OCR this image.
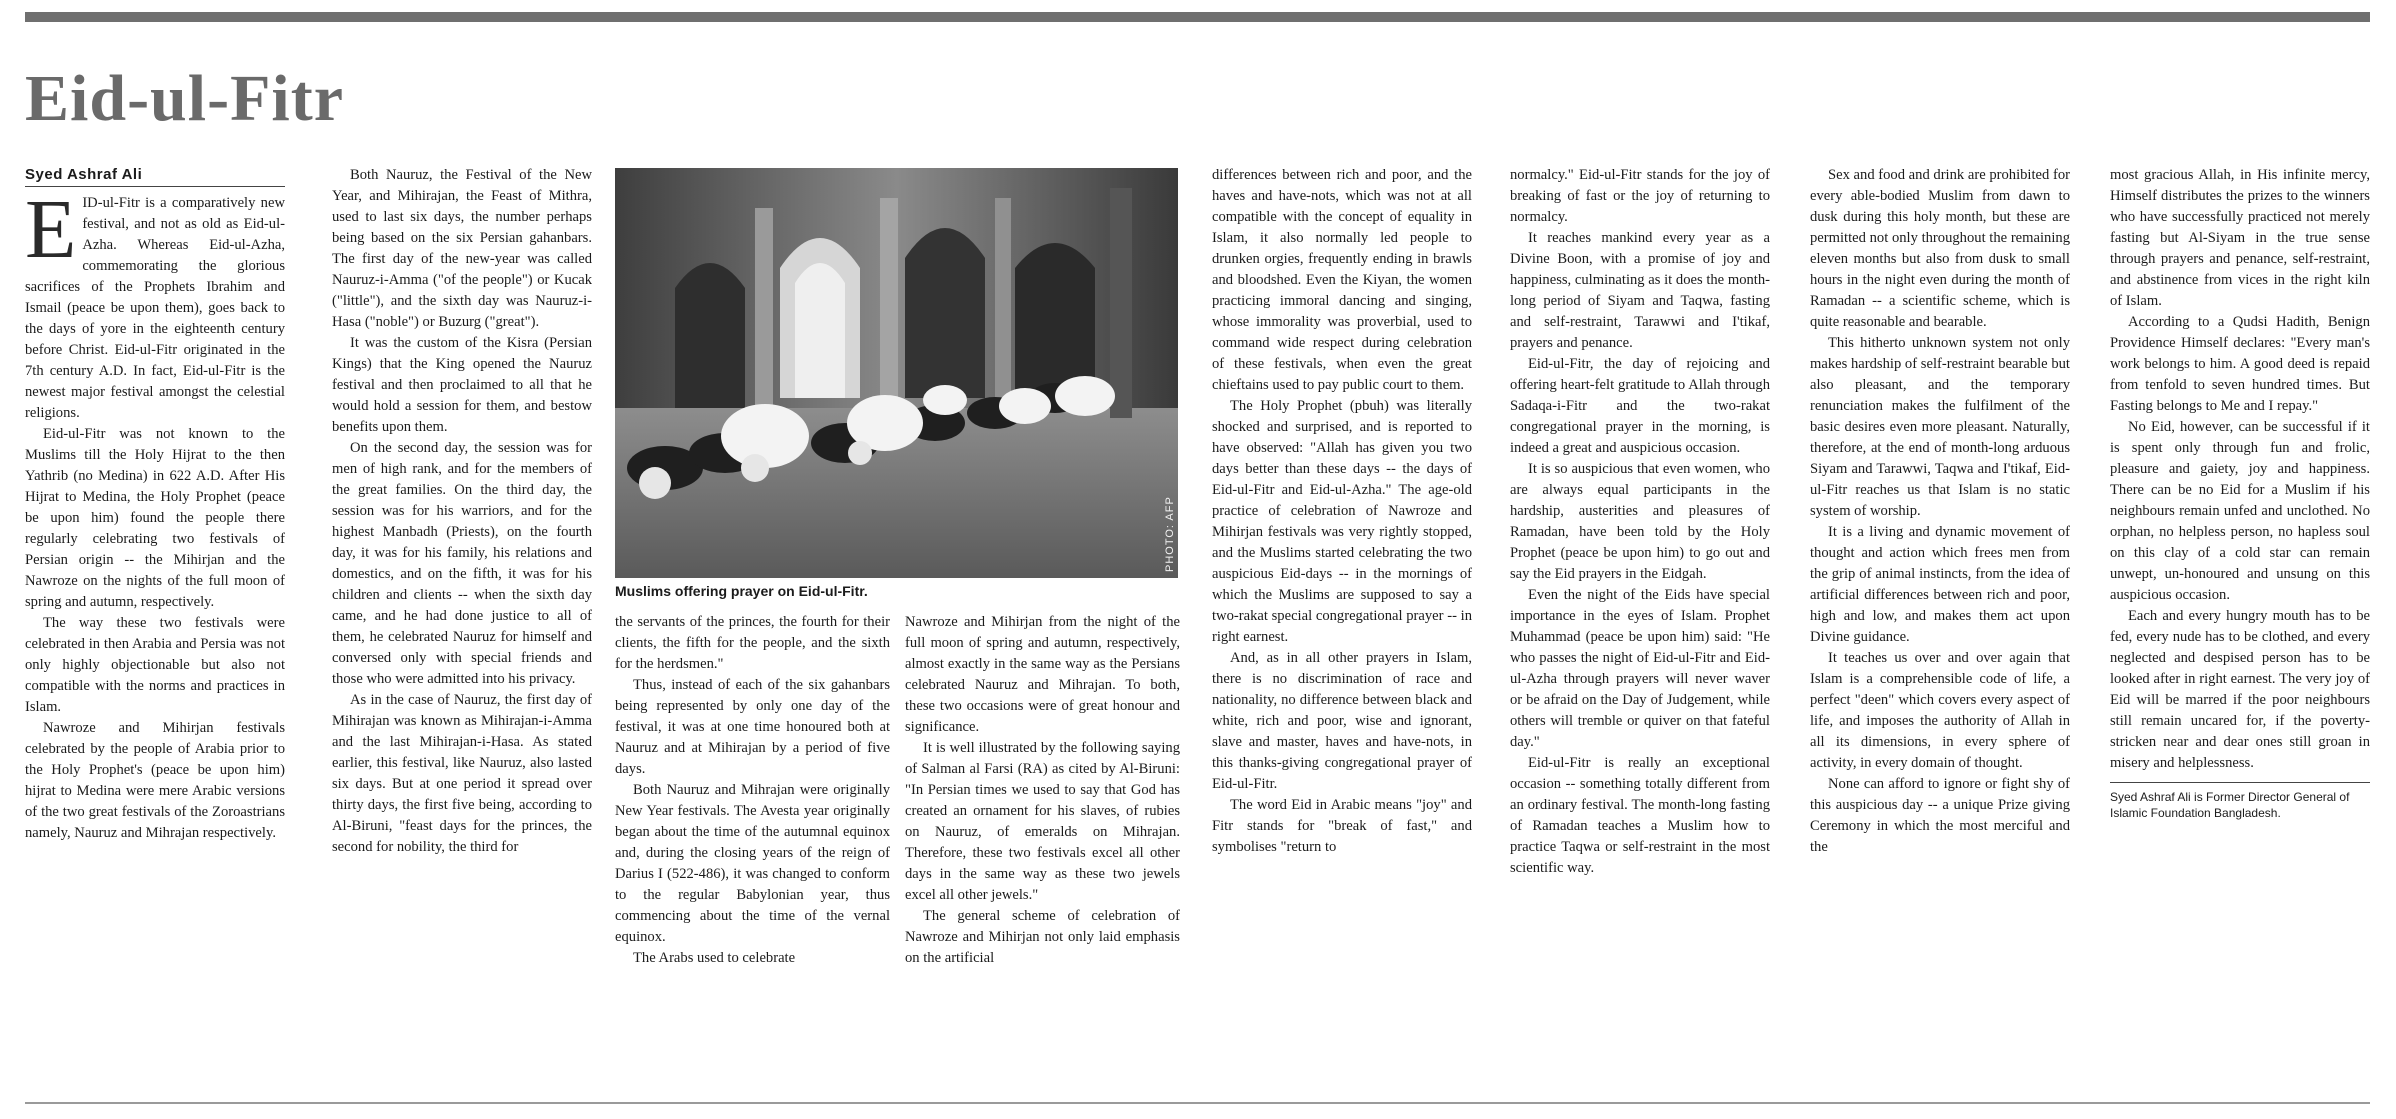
Eid-ul-Fitr
Syed Ashraf Ali

EID-ul-Fitr is a comparatively new festival, and not as old as Eid-ul-Azha. Whereas Eid-ul-Azha, commemorating the glorious sacrifices of the Prophets Ibrahim and Ismail (peace be upon them), goes back to the days of yore in the eighteenth century before Christ. Eid-ul-Fitr originated in the 7th century A.D. In fact, Eid-ul-Fitr is the newest major festival amongst the celestial religions.

Eid-ul-Fitr was not known to the Muslims till the Holy Hijrat to the then Yathrib (no Medina) in 622 A.D. After His Hijrat to Medina, the Holy Prophet (peace be upon him) found the people there regularly celebrating two festivals of Persian origin -- the Mihirjan and the Nawroze on the nights of the full moon of spring and autumn, respectively.

The way these two festivals were celebrated in then Arabia and Persia was not only highly objectionable but also not compatible with the norms and practices in Islam.

Nawroze and Mihirjan festivals celebrated by the people of Arabia prior to the Holy Prophet's (peace be upon him) hijrat to Medina were mere Arabic versions of the two great festivals of the Zoroastrians namely, Nauruz and Mihrajan respectively.

Both Nauruz, the Festival of the New Year, and Mihirajan, the Feast of Mithra, used to last six days, the number perhaps being based on the six Persian gahanbars. The first day of the new-year was called Nauruz-i-Amma ("of the people") or Kucak ("little"), and the sixth day was Nauruz-i-Hasa ("noble") or Buzurg ("great").

It was the custom of the Kisra (Persian Kings) that the King opened the Nauruz festival and then proclaimed to all that he would hold a session for them, and bestow benefits upon them.

On the second day, the session was for men of high rank, and for the members of the great families. On the third day, the session was for his warriors, and for the highest Manbadh (Priests), on the fourth day, it was for his family, his relations and domestics, and on the fifth, it was for his children and clients -- when the sixth day came, and he had done justice to all of them, he celebrated Nauruz for himself and conversed only with special friends and those who were admitted into his privacy.

As in the case of Nauruz, the first day of Mihirajan was known as Mihirajan-i-Amma and the last Mihirajan-i-Hasa. As stated earlier, this festival, like Nauruz, also lasted six days. But at one period it spread over thirty days, the first five being, according to Al-Biruni, "feast days for the princes, the second for nobility, the third for

PHOTO: AFP
Muslims offering prayer on Eid-ul-Fitr.

the servants of the princes, the fourth for their clients, the fifth for the people, and the sixth for the herdsmen."

Thus, instead of each of the six gahanbars being represented by only one day of the festival, it was at one time honoured both at Nauruz and at Mihirajan by a period of five days.

Both Nauruz and Mihrajan were originally New Year festivals. The Avesta year originally began about the time of the autumnal equinox and, during the closing years of the reign of Darius I (522-486), it was changed to conform to the regular Babylonian year, thus commencing about the time of the vernal equinox.

The Arabs used to celebrate

Nawroze and Mihirjan from the night of the full moon of spring and autumn, respectively, almost exactly in the same way as the Persians celebrated Nauruz and Mihrajan. To both, these two occasions were of great honour and significance.

It is well illustrated by the following saying of Salman al Farsi (RA) as cited by Al-Biruni: "In Persian times we used to say that God has created an ornament for his slaves, of rubies on Nauruz, of emeralds on Mihrajan. Therefore, these two festivals excel all other days in the same way as these two jewels excel all other jewels."

The general scheme of celebration of Nawroze and Mihirjan not only laid emphasis on the artificial

differences between rich and poor, and the haves and have-nots, which was not at all compatible with the concept of equality in Islam, it also normally led people to drunken orgies, frequently ending in brawls and bloodshed. Even the Kiyan, the women practicing immoral dancing and singing, whose immorality was proverbial, used to command wide respect during celebration of these festivals, when even the great chieftains used to pay public court to them.

The Holy Prophet (pbuh) was literally shocked and surprised, and is reported to have observed: "Allah has given you two days better than these days -- the days of Eid-ul-Fitr and Eid-ul-Azha." The age-old practice of celebration of Nawroze and Mihirjan festivals was very rightly stopped, and the Muslims started celebrating the two auspicious Eid-days -- in the mornings of which the Muslims are supposed to say a two-rakat special congregational prayer -- in right earnest.

And, as in all other prayers in Islam, there is no discrimination of race and nationality, no difference between black and white, rich and poor, wise and ignorant, slave and master, haves and have-nots, in this thanks-giving congregational prayer of Eid-ul-Fitr.

The word Eid in Arabic means "joy" and Fitr stands for "break of fast," and symbolises "return to

normalcy." Eid-ul-Fitr stands for the joy of breaking of fast or the joy of returning to normalcy.

It reaches mankind every year as a Divine Boon, with a promise of joy and happiness, culminating as it does the month-long period of Siyam and Taqwa, fasting and self-restraint, Tarawwi and I'tikaf, prayers and penance.

Eid-ul-Fitr, the day of rejoicing and offering heart-felt gratitude to Allah through Sadaqa-i-Fitr and the two-rakat congregational prayer in the morning, is indeed a great and auspicious occasion.

It is so auspicious that even women, who are always equal participants in the hardship, austerities and pleasures of Ramadan, have been told by the Holy Prophet (peace be upon him) to go out and say the Eid prayers in the Eidgah.

Even the night of the Eids have special importance in the eyes of Islam. Prophet Muhammad (peace be upon him) said: "He who passes the night of Eid-ul-Fitr and Eid-ul-Azha through prayers will never waver or be afraid on the Day of Judgement, while others will tremble or quiver on that fateful day."

Eid-ul-Fitr is really an exceptional occasion -- something totally different from an ordinary festival. The month-long fasting of Ramadan teaches a Muslim how to practice Taqwa or self-restraint in the most scientific way.

Sex and food and drink are prohibited for every able-bodied Muslim from dawn to dusk during this holy month, but these are permitted not only throughout the remaining eleven months but also from dusk to small hours in the night even during the month of Ramadan -- a scientific scheme, which is quite reasonable and bearable.

This hitherto unknown system not only makes hardship of self-restraint bearable but also pleasant, and the temporary renunciation makes the fulfilment of the basic desires even more pleasant. Naturally, therefore, at the end of month-long arduous Siyam and Tarawwi, Taqwa and I'tikaf, Eid-ul-Fitr reaches us that Islam is no static system of worship.

It is a living and dynamic movement of thought and action which frees men from the grip of animal instincts, from the idea of artificial differences between rich and poor, high and low, and makes them act upon Divine guidance.

It teaches us over and over again that Islam is a comprehensible code of life, a perfect "deen" which covers every aspect of life, and imposes the authority of Allah in all its dimensions, in every sphere of activity, in every domain of thought.

None can afford to ignore or fight shy of this auspicious day -- a unique Prize giving Ceremony in which the most merciful and the

most gracious Allah, in His infinite mercy, Himself distributes the prizes to the winners who have successfully practiced not merely fasting but Al-Siyam in the true sense through prayers and penance, self-restraint, and abstinence from vices in the right kiln of Islam.

According to a Qudsi Hadith, Benign Providence Himself declares: "Every man's work belongs to him. A good deed is repaid from tenfold to seven hundred times. But Fasting belongs to Me and I repay."

No Eid, however, can be successful if it is spent only through fun and frolic, pleasure and gaiety, joy and happiness. There can be no Eid for a Muslim if his neighbours remain unfed and unclothed. No orphan, no helpless person, no hapless soul on this clay of a cold star can remain unwept, un-honoured and unsung on this auspicious occasion.

Each and every hungry mouth has to be fed, every nude has to be clothed, and every neglected and despised person has to be looked after in right earnest. The very joy of Eid will be marred if the poor neighbours still remain uncared for, if the poverty-stricken near and dear ones still groan in misery and helplessness.

Syed Ashraf Ali is Former Director General of Islamic Foundation Bangladesh.
